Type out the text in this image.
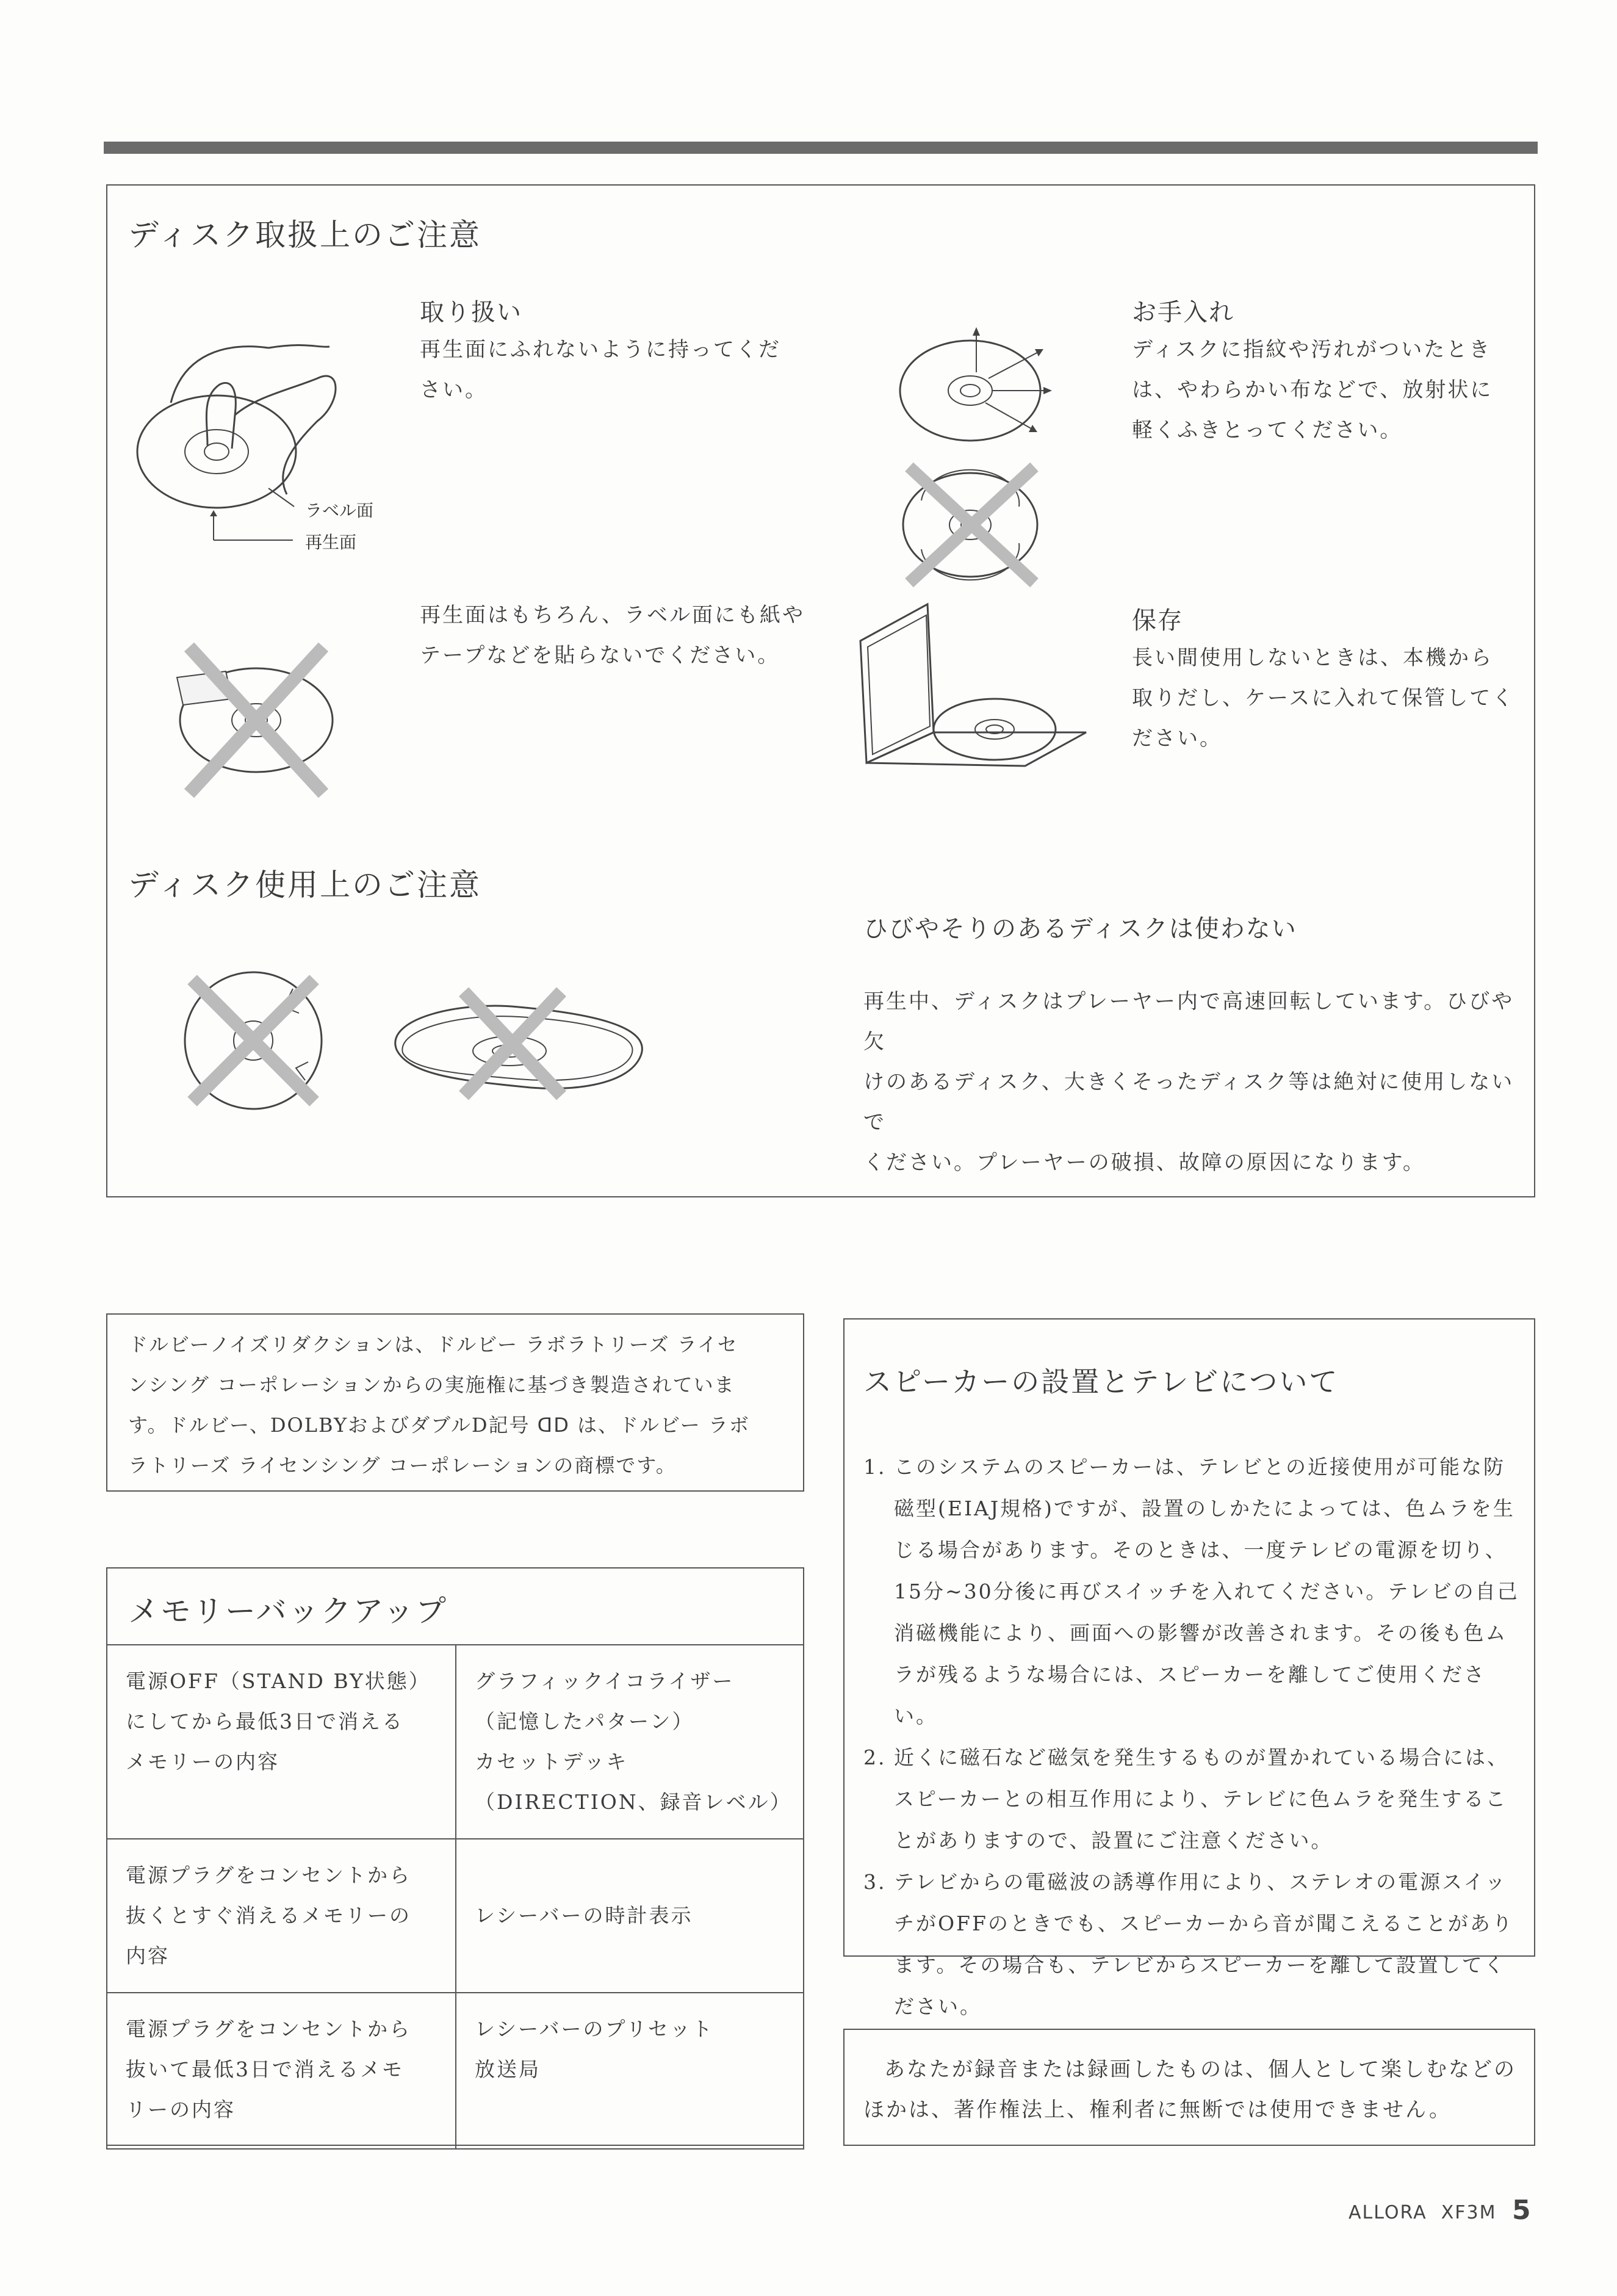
ディスク取扱上のご注意
ラベル面
再生面
取り扱い
再生面にふれないように持ってくだ
さい。
再生面はもちろん、ラベル面にも紙や
テープなどを貼らないでください。
お手入れ
ディスクに指紋や汚れがついたとき
は、やわらかい布などで、放射状に
軽くふきとってください。
保存
長い間使用しないときは、本機から
取りだし、ケースに入れて保管してく
ださい。
ディスク使用上のご注意
ひびやそりのあるディスクは使わない
再生中、ディスクはプレーヤー内で高速回転しています。ひびや欠
けのあるディスク、大きくそったディスク等は絶対に使用しないで
ください。プレーヤーの破損、故障の原因になります。
ドルビーノイズリダクションは、ドルビー ラボラトリーズ ライセ
ンシング コーポレーションからの実施権に基づき製造されていま
す。ドルビー、DOLBYおよびダブルD記号 ᗡᗞ は、ドルビー ラボ
ラトリーズ ライセンシング コーポレーションの商標です。
メモリーバックアップ
電源OFF（STAND BY状態）
にしてから最低3日で消える
メモリーの内容	グラフィックイコライザー
（記憶したパターン）
カセットデッキ
（DIRECTION、録音レベル）
電源プラグをコンセントから
抜くとすぐ消えるメモリーの
内容	レシーバーの時計表示
電源プラグをコンセントから
抜いて最低3日で消えるメモ
リーの内容	レシーバーのプリセット
放送局
スピーカーの設置とテレビについて
1. このシステムのスピーカーは、テレビとの近接使用が可能な防磁型(EIAJ規格)ですが、設置のしかたによっては、色ムラを生じる場合があります。そのときは、一度テレビの電源を切り、15分~30分後に再びスイッチを入れてください。テレビの自己消磁機能により、画面への影響が改善されます。その後も色ムラが残るような場合には、スピーカーを離してご使用ください。
2. 近くに磁石など磁気を発生するものが置かれている場合には、スピーカーとの相互作用により、テレビに色ムラを発生することがありますので、設置にご注意ください。
3. テレビからの電磁波の誘導作用により、ステレオの電源スイッチがOFFのときでも、スピーカーから音が聞こえることがあります。その場合も、テレビからスピーカーを離して設置してください。
あなたが録音または録画したものは、個人として楽しむなどのほかは、著作権法上、権利者に無断では使用できません。
ALLORA  XF3M 5
